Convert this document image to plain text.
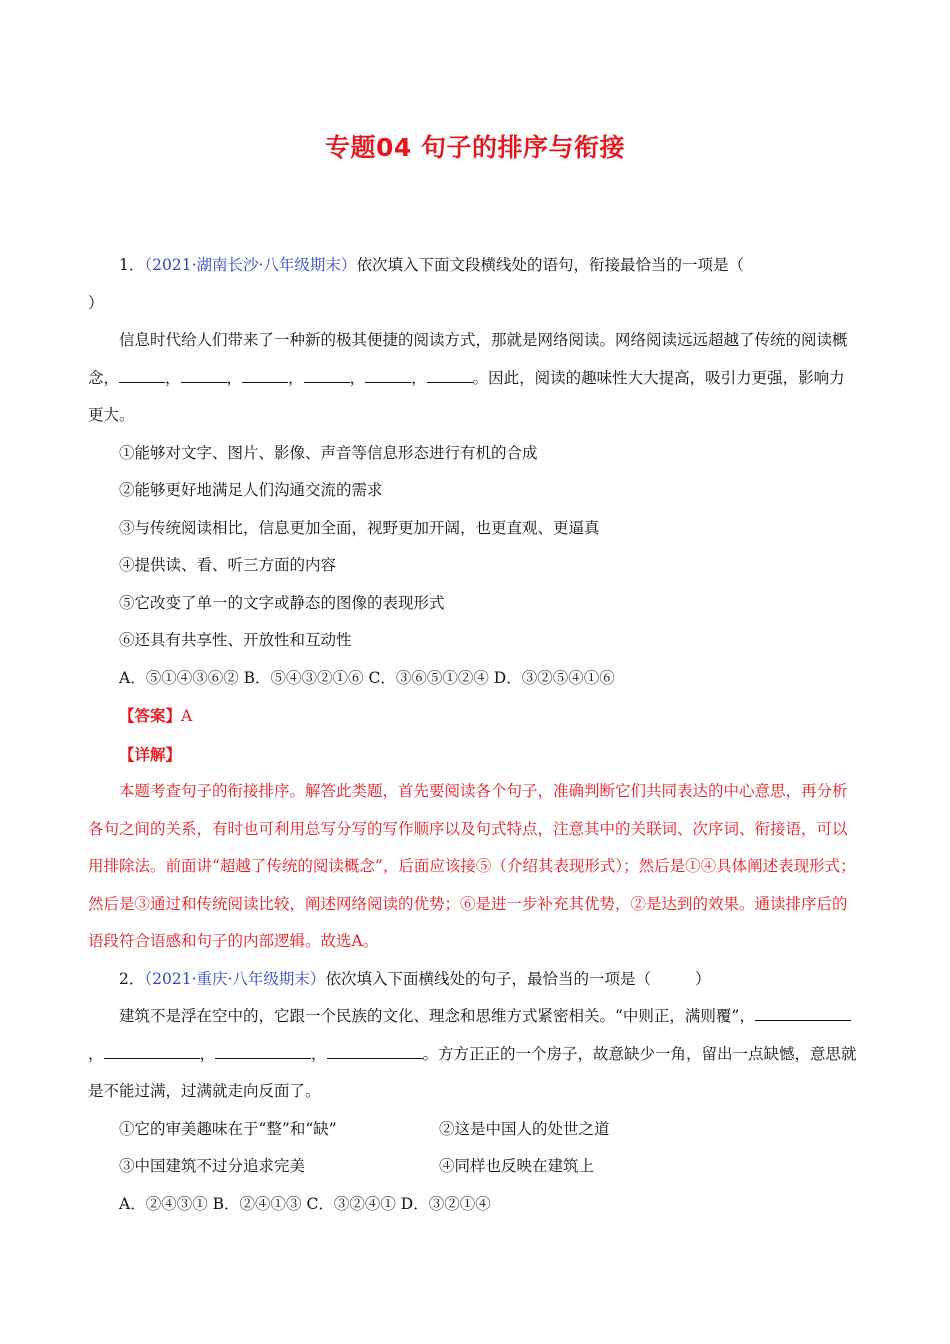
专题04 句子的排序与衔接

1．（2021·湖南长沙·八年级期末）依次填入下面文段横线处的语句，衔接最恰当的一项是（
）

信息时代给人们带来了一种新的极其便捷的阅读方式，那就是网络阅读。网络阅读远远超越了传统的阅读概念，	，	，	，	，	，	。因此，阅读的趣味性大大提高，吸引力更强，影响力更大。

①能够对文字、图片、影像、声音等信息形态进行有机的合成

②能够更好地满足人们沟通交流的需求

③与传统阅读相比，信息更加全面，视野更加开阔，也更直观、更逼真

④提供读、看、听三方面的内容

⑤它改变了单一的文字或静态的图像的表现形式

⑥还具有共享性、开放性和互动性

A．⑤①④③⑥② B．⑤④③②①⑥ C．③⑥⑤①②④ D．③②⑤④①⑥

【答案】A

【详解】

本题考查句子的衔接排序。解答此类题，首先要阅读各个句子，准确判断它们共同表达的中心意思，再分析各句之间的关系，有时也可利用总写分写的写作顺序以及句式特点，注意其中的关联词、次序词、衔接语，可以用排除法。前面讲“超越了传统的阅读概念”，后面应该接⑤（介绍其表现形式）；然后是①④具体阐述表现形式；然后是③通过和传统阅读比较，阐述网络阅读的优势；⑥是进一步补充其优势，②是达到的效果。通读排序后的语段符合语感和句子的内部逻辑。故选A。

2．（2021·重庆·八年级期末）依次填入下面横线处的句子，最恰当的一项是（	）

建筑不是浮在空中的，它跟一个民族的文化、理念和思维方式紧密相关。“中则正，满则覆”，，	，	，	。方方正正的一个房子，故意缺少一角，留出一点缺憾，意思就是不能过满，过满就走向反面了。

①它的审美趣味在于“整”和“缺”	②这是中国人的处世之道
③中国建筑不过分追求完美	④同样也反映在建筑上

A．②④③① B．②④①③ C．③②④① D．③②①④
